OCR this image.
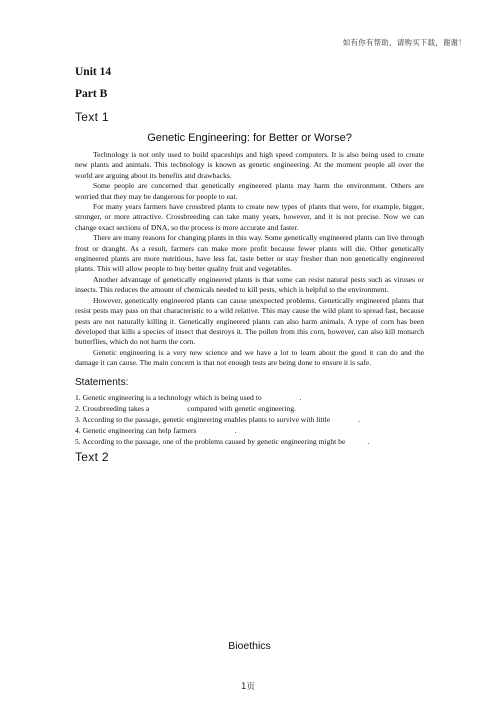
如有你有帮助，请购买下载，谢谢！
Unit 14
Part B
Text 1
Genetic Engineering: for Better or Worse?

Technology is not only used to build spaceships and high speed computers. It is also being used to create new plants and animals. This technology is known as genetic engineering. At the moment people all over the world are arguing about its benefits and drawbacks.

Some people are concerned that genetically engineered plants may harm the environment. Others are worried that they may be dangerous for people to eat.

For many years farmers have crossbred plants to create new types of plants that were, for example, bigger, stronger, or more attractive. Crossbreeding can take many years, however, and it is not precise. Now we can change exact sections of DNA, so the process is more accurate and faster.

There are many reasons for changing plants in this way. Some genetically engineered plants can live through frost or draught. As a result, farmers can make more profit because fewer plants will die. Other genetically engineered plants are more nutritious, have less fat, taste better or stay fresher than non genetically engineered plants. This will allow people to buy better quality fruit and vegetables.

Another advantage of genetically engineered plants is that some can resist natural pests such as viruses or insects. This reduces the amount of chemicals needed to kill pests, which is helpful to the environment.

However, genetically engineered plants can cause unexpected problems. Genetically engineered plants that resist pests may pass on that characteristic to a wild relative. This may cause the wild plant to spread fast, because pests are not naturally killing it. Genetically engineered plants can also harm animals. A type of corn has been developed that kills a species of insect that destroys it. The pollen from this corn, however, can also kill monarch butterflies, which do not harm the corn.

Genetic engineering is a very new science and we have a lot to learn about the good it can do and the damage it can cause. The main concern is that not enough tests are being done to ensure it is safe.

Statements:

1. Genetic engineering is a technology which is being used to	.

2. Crossbreeding takes a	compared with genetic engineering.

3. According to the passage, genetic engineering enables plants to survive with little	.

4. Genetic engineering can help farmers	.

5. According to the passage, one of the problems caused by genetic engineering might be	.

Text 2
Bioethics
1页
